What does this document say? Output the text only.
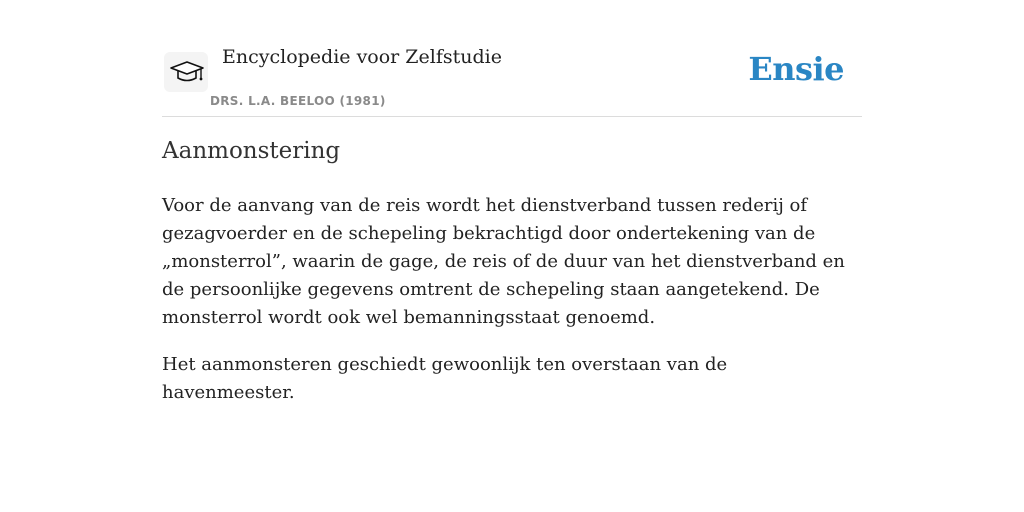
Encyclopedie voor Zelfstudie
DRS. L.A. BEELOO (1981)
Ensie
Aanmonstering

Voor de aanvang van de reis wordt het dienstverband tussen rederij of gezagvoerder en de schepeling bekrachtigd door ondertekening van de „monsterrol”, waarin de gage, de reis of de duur van het dienstverband en de persoonlijke gegevens omtrent de schepeling staan aangetekend. De monsterrol wordt ook wel bemanningsstaat genoemd.

Het aanmonsteren geschiedt gewoonlijk ten overstaan van de havenmeester.
